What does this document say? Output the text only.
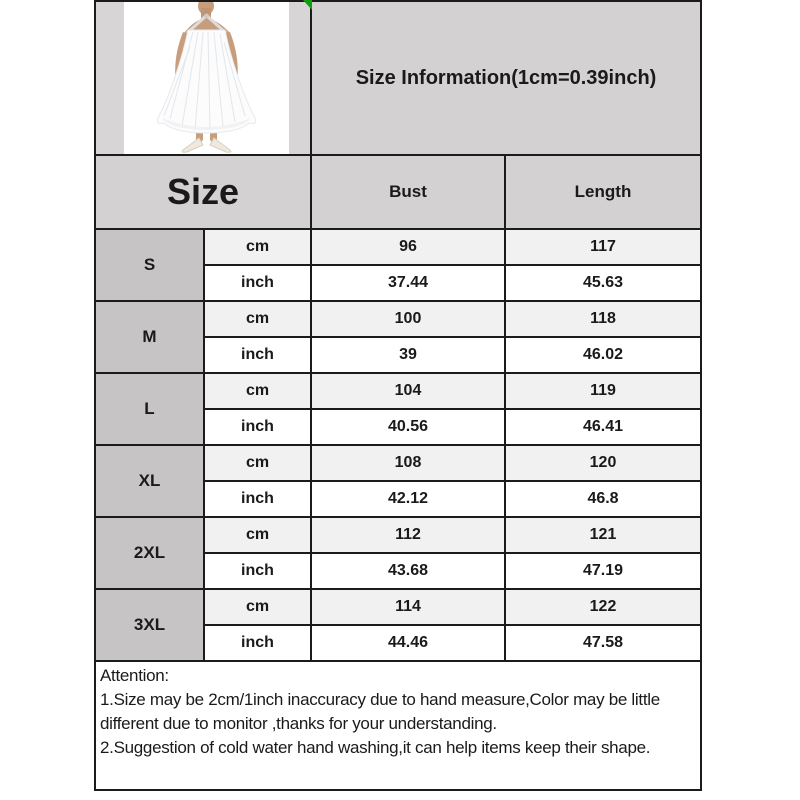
	Size Information(1cm=0.39inch)	
Size		Bust	Length
S	cm	96	117
	inch	37.44	45.63
M	cm	100	118
	inch	39	46.02
L	cm	104	119
	inch	40.56	46.41
XL	cm	108	120
	inch	42.12	46.8
2XL	cm	112	121
	inch	43.68	47.19
3XL	cm	114	122
	inch	44.46	47.58

Attention:
1.Size may be 2cm/1inch inaccuracy due to hand measure,Color may be little
different due to monitor ,thanks for your understanding.
2.Suggestion of cold water hand washing,it can help items keep their shape.			
